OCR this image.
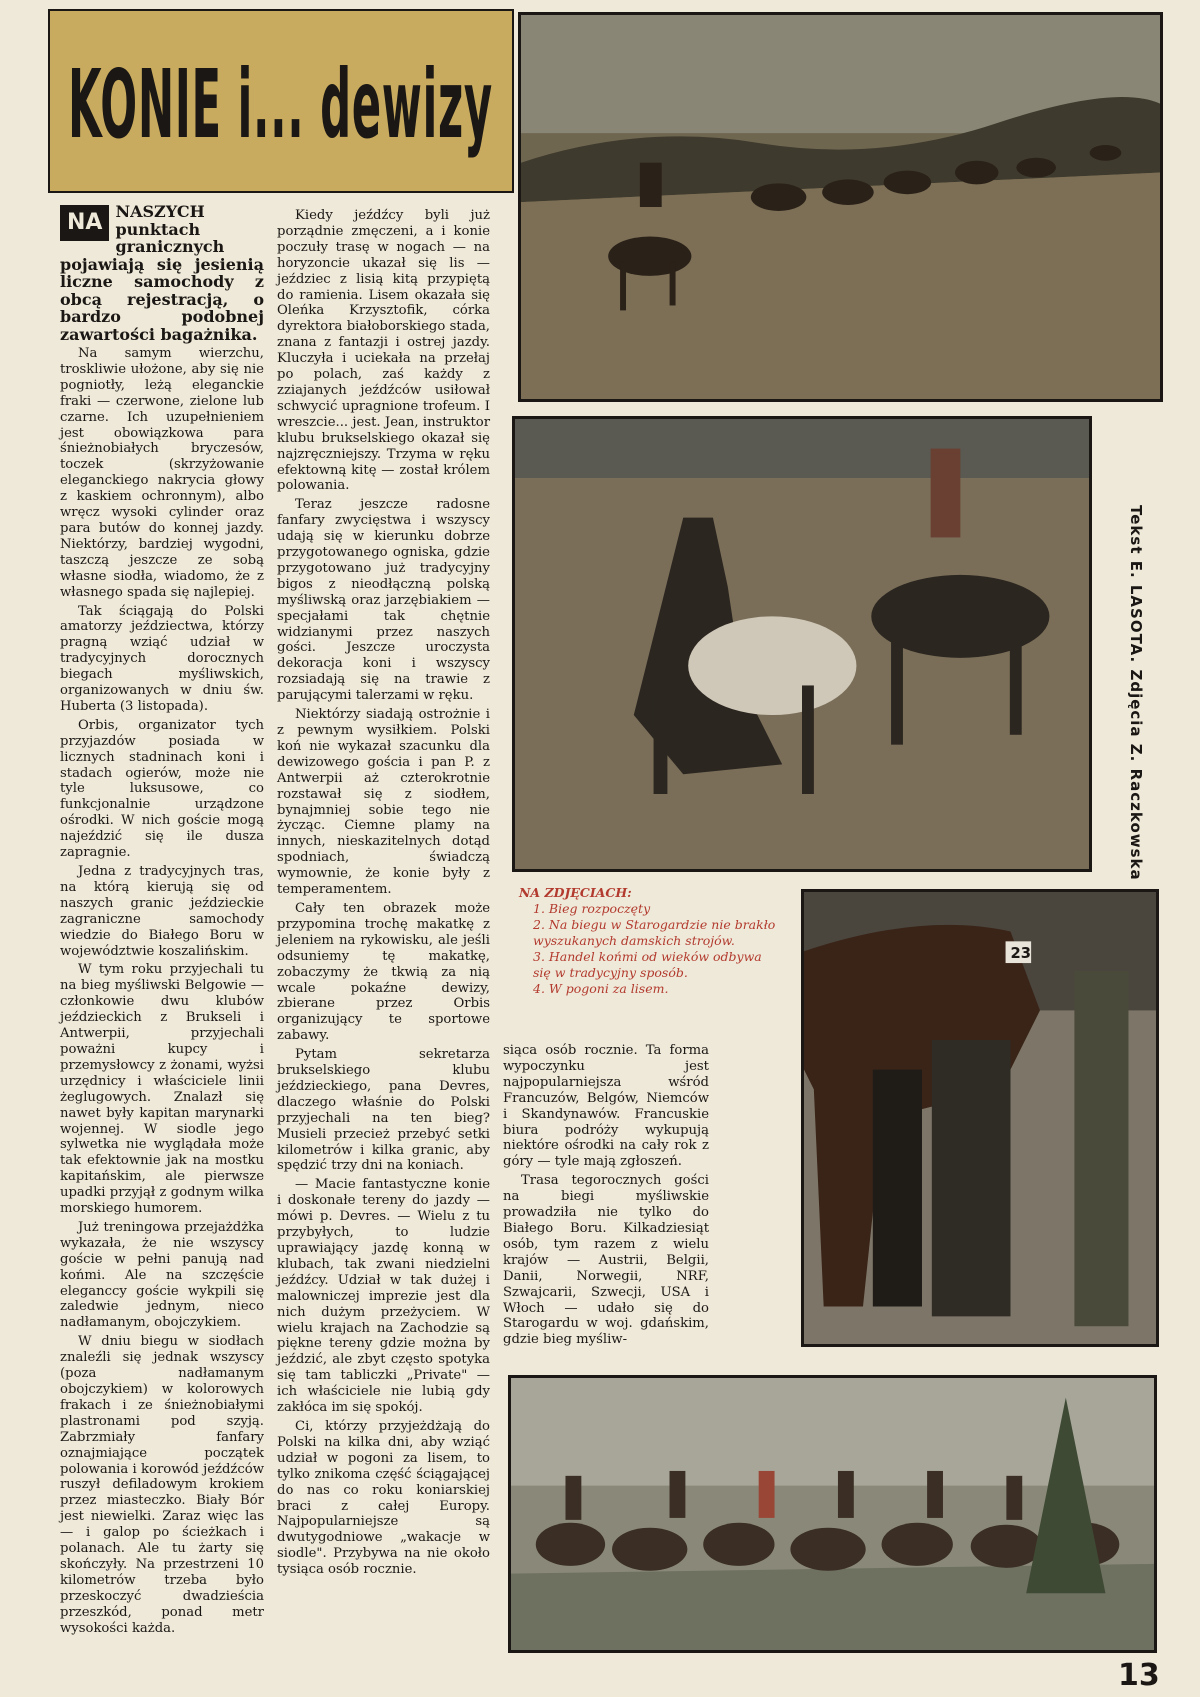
KONIE i... dewizy

NA NASZYCH punktach granicznych pojawiają się jesienią liczne samochody z obcą rejestracją, o bardzo podobnej zawartości bagażnika.

Na samym wierzchu, troskliwie ułożone, aby się nie pogniotły, leżą eleganckie fraki — czerwone, zielone lub czarne. Ich uzupełnieniem jest obowiązkowa para śnieżnobiałych bryczesów, toczek (skrzyżowanie eleganckiego nakrycia głowy z kaskiem ochronnym), albo wręcz wysoki cylinder oraz para butów do konnej jazdy. Niektórzy, bardziej wygodni, taszczą jeszcze ze sobą własne siodła, wiadomo, że z własnego spada się najlepiej.

Tak ściągają do Polski amatorzy jeździectwa, którzy pragną wziąć udział w tradycyjnych dorocznych biegach myśliwskich, organizowanych w dniu św. Huberta (3 listopada).

Orbis, organizator tych przyjazdów posiada w licznych stadninach koni i stadach ogierów, może nie tyle luksusowe, co funkcjonalnie urządzone ośrodki. W nich goście mogą najeździć się ile dusza zapragnie.

Jedna z tradycyjnych tras, na którą kierują się od naszych granic jeździeckie zagraniczne samochody wiedzie do Białego Boru w województwie koszalińskim.

W tym roku przyjechali tu na bieg myśliwski Belgowie — członkowie dwu klubów jeździeckich z Brukseli i Antwerpii, przyjechali poważni kupcy i przemysłowcy z żonami, wyżsi urzędnicy i właściciele linii żeglugowych. Znalazł się nawet były kapitan marynarki wojennej. W siodle jego sylwetka nie wyglądała może tak efektownie jak na mostku kapitańskim, ale pierwsze upadki przyjął z godnym wilka morskiego humorem.

Już treningowa przejażdżka wykazała, że nie wszyscy goście w pełni panują nad końmi. Ale na szczęście eleganccy goście wykpili się zaledwie jednym, nieco nadłamanym, obojczykiem.

W dniu biegu w siodłach znaleźli się jednak wszyscy (poza nadłamanym obojczykiem) w kolorowych frakach i ze śnieżnobiałymi plastronami pod szyją. Zabrzmiały fanfary oznajmiające początek polowania i korowód jeźdźców ruszył defiladowym krokiem przez miasteczko. Biały Bór jest niewielki. Zaraz więc las — i galop po ścieżkach i polanach. Ale tu żarty się skończyły. Na przestrzeni 10 kilometrów trzeba było przeskoczyć dwadzieścia przeszkód, ponad metr wysokości każda.

Kiedy jeźdźcy byli już porządnie zmęczeni, a i konie poczuły trasę w nogach — na horyzoncie ukazał się lis — jeździec z lisią kitą przypiętą do ramienia. Lisem okazała się Oleńka Krzysztofik, córka dyrektora białoborskiego stada, znana z fantazji i ostrej jazdy. Kluczyła i uciekała na przełaj po polach, zaś każdy z zziajanych jeźdźców usiłował schwycić upragnione trofeum. I wreszcie... jest. Jean, instruktor klubu brukselskiego okazał się najzręczniejszy. Trzyma w ręku efektowną kitę — został królem polowania.

Teraz jeszcze radosne fanfary zwycięstwa i wszyscy udają się w kierunku dobrze przygotowanego ogniska, gdzie przygotowano już tradycyjny bigos z nieodłączną polską myśliwską oraz jarzębiakiem — specjałami tak chętnie widzianymi przez naszych gości. Jeszcze uroczysta dekoracja koni i wszyscy rozsiadają się na trawie z parującymi talerzami w ręku.

Niektórzy siadają ostrożnie i z pewnym wysiłkiem. Polski koń nie wykazał szacunku dla dewizowego gościa i pan P. z Antwerpii aż czterokrotnie rozstawał się z siodłem, bynajmniej sobie tego nie życząc. Ciemne plamy na innych, nieskazitelnych dotąd spodniach, świadczą wymownie, że konie były z temperamentem.

Cały ten obrazek może przypomina trochę makatkę z jeleniem na rykowisku, ale jeśli odsuniemy tę makatkę, zobaczymy że tkwią za nią wcale pokaźne dewizy, zbierane przez Orbis organizujący te sportowe zabawy.

Pytam sekretarza brukselskiego klubu jeździeckiego, pana Devres, dlaczego właśnie do Polski przyjechali na ten bieg? Musieli przecież przebyć setki kilometrów i kilka granic, aby spędzić trzy dni na koniach.

— Macie fantastyczne konie i doskonałe tereny do jazdy — mówi p. Devres. — Wielu z tu przybyłych, to ludzie uprawiający jazdę konną w klubach, tak zwani niedzielni jeźdźcy. Udział w tak dużej i malowniczej imprezie jest dla nich dużym przeżyciem. W wielu krajach na Zachodzie są piękne tereny gdzie można by jeździć, ale zbyt często spotyka się tam tabliczki „Private" — ich właściciele nie lubią gdy zakłóca im się spokój.

Ci, którzy przyjeżdżają do Polski na kilka dni, aby wziąć udział w pogoni za lisem, to tylko znikoma część ściągającej do nas co roku koniarskiej braci z całej Europy. Najpopularniejsze są dwutygodniowe „wakacje w siodle". Przybywa na nie około tysiąca osób rocznie.

siąca osób rocznie. Ta forma wypoczynku jest najpopularniejsza wśród Francuzów, Belgów, Niemców i Skandynawów. Francuskie biura podróży wykupują niektóre ośrodki na cały rok z góry — tyle mają zgłoszeń.

Trasa tegorocznych gości na biegi myśliwskie prowadziła nie tylko do Białego Boru. Kilkadziesiąt osób, tym razem z wielu krajów — Austrii, Belgii, Danii, Norwegii, NRF, Szwajcarii, Szwecji, USA i Włoch — udało się do Starogardu w woj. gdańskim, gdzie bieg myśliw-

23
NA ZDJĘCIACH:
1. Bieg rozpoczęty
2. Na biegu w Starogardzie nie brakło wyszukanych damskich strojów.
3. Handel końmi od wieków odbywa się w tradycyjny sposób.
4. W pogoni za lisem.
Tekst E. LASOTA. Zdjęcia Z. Raczkowska
13
